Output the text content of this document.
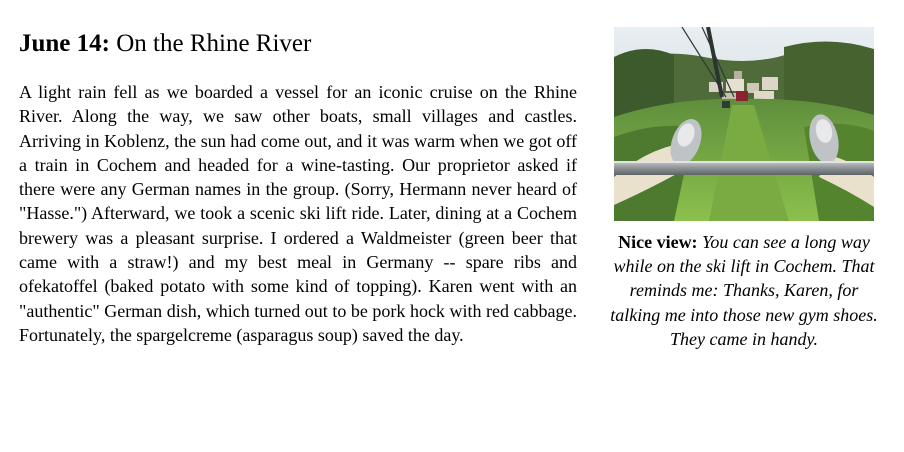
June 14: On the Rhine River
A light rain fell as we boarded a vessel for an iconic cruise on the Rhine River. Along the way, we saw other boats, small villages and castles. Arriving in Koblenz, the sun had come out, and it was warm when we got off a train in Cochem and headed for a wine-tasting. Our proprietor asked if there were any German names in the group. (Sorry, Hermann never heard of "Hasse.") Afterward, we took a scenic ski lift ride. Later, dining at a Cochem brewery was a pleasant surprise. I ordered a Waldmeister (green beer that came with a straw!) and my best meal in Germany -- spare ribs and ofekatoffel (baked potato with some kind of topping). Karen went with an "authentic" German dish, which turned out to be pork hock with red cabbage. Fortunately, the spargelcreme (asparagus soup) saved the day.
Nice view: You can see a long way while on the ski lift in Cochem. That reminds me: Thanks, Karen, for talking me into those new gym shoes. They came in handy.
